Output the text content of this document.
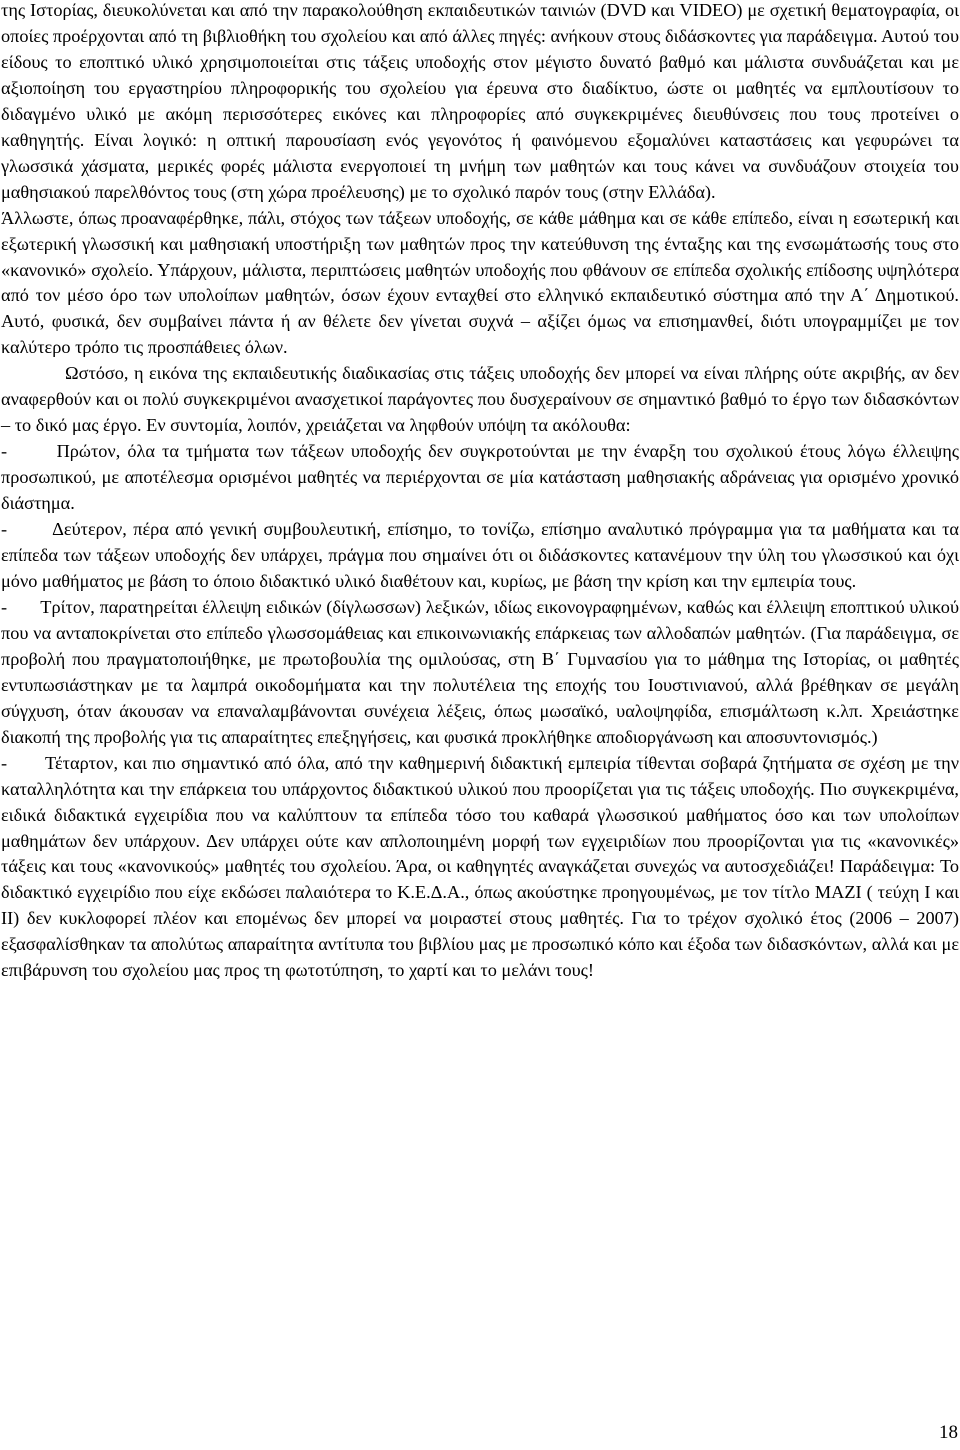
της Ιστορίας, διευκολύνεται και από την παρακολούθηση εκπαιδευτικών ταινιών (DVD και VIDEO) με σχετική θεματογραφία, οι οποίες προέρχονται από τη βιβλιοθήκη του σχολείου και από άλλες πηγές: ανήκουν στους διδάσκοντες για παράδειγμα. Αυτού του είδους το εποπτικό υλικό χρησιμοποιείται στις τάξεις υποδοχής στον μέγιστο δυνατό βαθμό και μάλιστα συνδυάζεται και με αξιοποίηση του εργαστηρίου πληροφορικής του σχολείου για έρευνα στο διαδίκτυο, ώστε οι μαθητές να εμπλουτίσουν το διδαγμένο υλικό με ακόμη περισσότερες εικόνες και πληροφορίες από συγκεκριμένες διευθύνσεις που τους προτείνει ο καθηγητής. Είναι λογικό: η οπτική παρουσίαση ενός γεγονότος ή φαινόμενου εξομαλύνει καταστάσεις και γεφυρώνει τα γλωσσικά χάσματα, μερικές φορές μάλιστα ενεργοποιεί τη μνήμη των μαθητών και τους κάνει να συνδυάζουν στοιχεία του μαθησιακού παρελθόντος τους (στη χώρα προέλευσης) με το σχολικό παρόν τους (στην Ελλάδα).

Άλλωστε, όπως προαναφέρθηκε, πάλι, στόχος των τάξεων υποδοχής, σε κάθε μάθημα και σε κάθε επίπεδο, είναι η εσωτερική και εξωτερική γλωσσική και μαθησιακή υποστήριξη των μαθητών προς την κατεύθυνση της ένταξης και της ενσωμάτωσής τους στο «κανονικό» σχολείο. Υπάρχουν, μάλιστα, περιπτώσεις μαθητών υποδοχής που φθάνουν σε επίπεδα σχολικής επίδοσης υψηλότερα από τον μέσο όρο των υπολοίπων μαθητών, όσων έχουν ενταχθεί στο ελληνικό εκπαιδευτικό σύστημα από την Α΄ Δημοτικού. Αυτό, φυσικά, δεν συμβαίνει πάντα ή αν θέλετε δεν γίνεται συχνά – αξίζει όμως να επισημανθεί, διότι υπογραμμίζει με τον καλύτερο τρόπο τις προσπάθειες όλων.

Ωστόσο, η εικόνα της εκπαιδευτικής διαδικασίας στις τάξεις υποδοχής δεν μπορεί να είναι πλήρης ούτε ακριβής, αν δεν αναφερθούν και οι πολύ συγκεκριμένοι ανασχετικοί παράγοντες που δυσχεραίνουν σε σημαντικό βαθμό το έργο των διδασκόντων – το δικό μας έργο. Εν συντομία, λοιπόν, χρειάζεται να ληφθούν υπόψη τα ακόλουθα:

-       Πρώτον, όλα τα τμήματα των τάξεων υποδοχής δεν συγκροτούνται με την έναρξη του σχολικού έτους λόγω έλλειψης προσωπικού, με αποτέλεσμα ορισμένοι μαθητές να περιέρχονται σε μία κατάσταση μαθησιακής αδράνειας για ορισμένο χρονικό διάστημα.

-       Δεύτερον, πέρα από γενική συμβουλευτική, επίσημο, το τονίζω, επίσημο αναλυτικό πρόγραμμα για τα μαθήματα και τα επίπεδα των τάξεων υποδοχής δεν υπάρχει, πράγμα που σημαίνει ότι οι διδάσκοντες κατανέμουν την ύλη του γλωσσικού και όχι μόνο μαθήματος με βάση το όποιο διδακτικό υλικό διαθέτουν και, κυρίως, με βάση την κρίση και την εμπειρία τους.

-       Τρίτον, παρατηρείται έλλειψη ειδικών (δίγλωσσων) λεξικών, ιδίως εικονογραφημένων, καθώς και έλλειψη εποπτικού υλικού που να ανταποκρίνεται στο επίπεδο γλωσσομάθειας και επικοινωνιακής επάρκειας των αλλοδαπών μαθητών. (Για παράδειγμα, σε προβολή που πραγματοποιήθηκε, με πρωτοβουλία της ομιλούσας, στη Β΄ Γυμνασίου για το μάθημα της Ιστορίας, οι μαθητές εντυπωσιάστηκαν με τα λαμπρά οικοδομήματα και την πολυτέλεια της εποχής του Ιουστινιανού, αλλά βρέθηκαν σε μεγάλη σύγχυση, όταν άκουσαν να επαναλαμβάνονται συνέχεια λέξεις, όπως μωσαϊκό, υαλοψηφίδα, επισμάλτωση κ.λπ. Χρειάστηκε διακοπή της προβολής για τις απαραίτητες επεξηγήσεις, και φυσικά προκλήθηκε αποδιοργάνωση και αποσυντονισμός.)

-       Τέταρτον, και πιο σημαντικό από όλα, από την καθημερινή διδακτική εμπειρία τίθενται σοβαρά ζητήματα σε σχέση με την καταλληλότητα και την επάρκεια του υπάρχοντος διδακτικού υλικού που προορίζεται για τις τάξεις υποδοχής. Πιο συγκεκριμένα, ειδικά διδακτικά εγχειρίδια που να καλύπτουν τα επίπεδα τόσο του καθαρά γλωσσικού μαθήματος όσο και των υπολοίπων μαθημάτων δεν υπάρχουν. Δεν υπάρχει ούτε καν απλοποιημένη μορφή των εγχειριδίων που προορίζονται για τις «κανονικές» τάξεις και τους «κανονικούς» μαθητές του σχολείου. Άρα, οι καθηγητές αναγκάζεται συνεχώς να αυτοσχεδιάζει! Παράδειγμα: Το διδακτικό εγχειρίδιο που είχε εκδώσει παλαιότερα το Κ.Ε.Δ.Α., όπως ακούστηκε προηγουμένως, με τον τίτλο ΜΑΖΙ ( τεύχη Ι και ΙΙ) δεν κυκλοφορεί πλέον και επομένως δεν μπορεί να μοιραστεί στους μαθητές. Για το τρέχον σχολικό έτος (2006 – 2007) εξασφαλίσθηκαν τα απολύτως απαραίτητα αντίτυπα του βιβλίου μας με προσωπικό κόπο και έξοδα των διδασκόντων, αλλά και με επιβάρυνση του σχολείου μας προς τη φωτοτύπηση, το χαρτί και το μελάνι τους!

18
